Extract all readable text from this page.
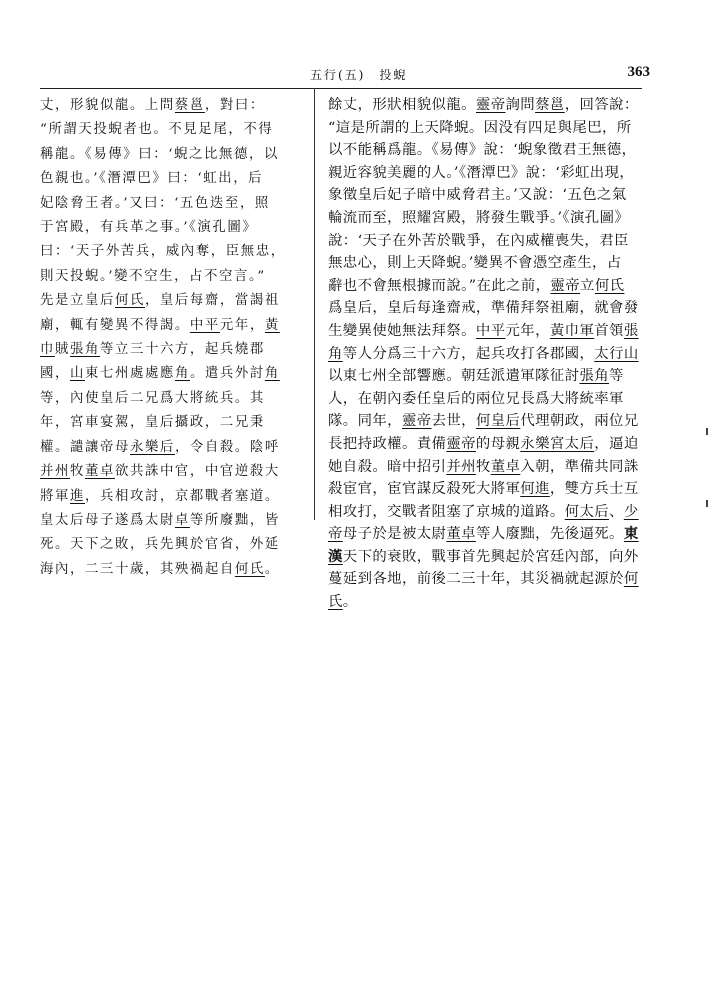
五行(五)　投蜺	363
丈，形貌似龍。上問蔡邕，對曰：
“所謂天投蜺者也。不見足尾，不得
稱龍。《易傳》曰：‘蜺之比無德，以
色親也。’《潛潭巴》曰：‘虹出，后
妃陰脅王者。’又曰：‘五色迭至，照
于宮殿，有兵革之事。’《演孔圖》
曰：‘天子外苦兵，威內奪，臣無忠，
則天投蜺。’變不空生，占不空言。”
先是立皇后何氏，皇后每齋，當謁祖
廟，輒有變異不得謁。中平元年，黃
巾賊張角等立三十六方，起兵燒郡
國，山東七州處處應角。遣兵外討角
等，內使皇后二兄爲大將統兵。其
年，宮車宴駕，皇后攝政，二兄秉
權。譴讓帝母永樂后，令自殺。陰呼
并州牧董卓欲共誅中官，中官逆殺大
將軍進，兵相攻討，京都戰者塞道。
皇太后母子遂爲太尉卓等所廢黜，皆
死。天下之敗，兵先興於官省，外延
海內，二三十歲，其殃禍起自何氏。
餘丈，形狀相貌似龍。靈帝詢問蔡邕，回答說：
“這是所謂的上天降蜺。因没有四足與尾巴，所
以不能稱爲龍。《易傳》說：‘蜺象徵君王無德，
親近容貌美麗的人。’《潛潭巴》說：‘彩虹出現，
象徵皇后妃子暗中威脅君主。’又說：‘五色之氣
輪流而至，照耀宮殿，將發生戰爭。’《演孔圖》
說：‘天子在外苦於戰爭，在內威權喪失，君臣
無忠心，則上天降蜺。’變異不會憑空產生，占
辭也不會無根據而說。”在此之前，靈帝立何氏
爲皇后，皇后每逢齋戒，準備拜祭祖廟，就會發
生變異使她無法拜祭。中平元年，黃巾軍首領張
角等人分爲三十六方，起兵攻打各郡國，太行山
以東七州全部響應。朝廷派遣軍隊征討張角等
人，在朝內委任皇后的兩位兄長爲大將統率軍
隊。同年，靈帝去世，何皇后代理朝政，兩位兄
長把持政權。責備靈帝的母親永樂宮太后，逼迫
她自殺。暗中招引并州牧董卓入朝，準備共同誅
殺宦官，宦官謀反殺死大將軍何進，雙方兵士互
相攻打，交戰者阻塞了京城的道路。何太后、少
帝母子於是被太尉董卓等人廢黜，先後逼死。東
漢天下的衰敗，戰事首先興起於宮廷內部，向外
蔓延到各地，前後二三十年，其災禍就起源於何
氏。
